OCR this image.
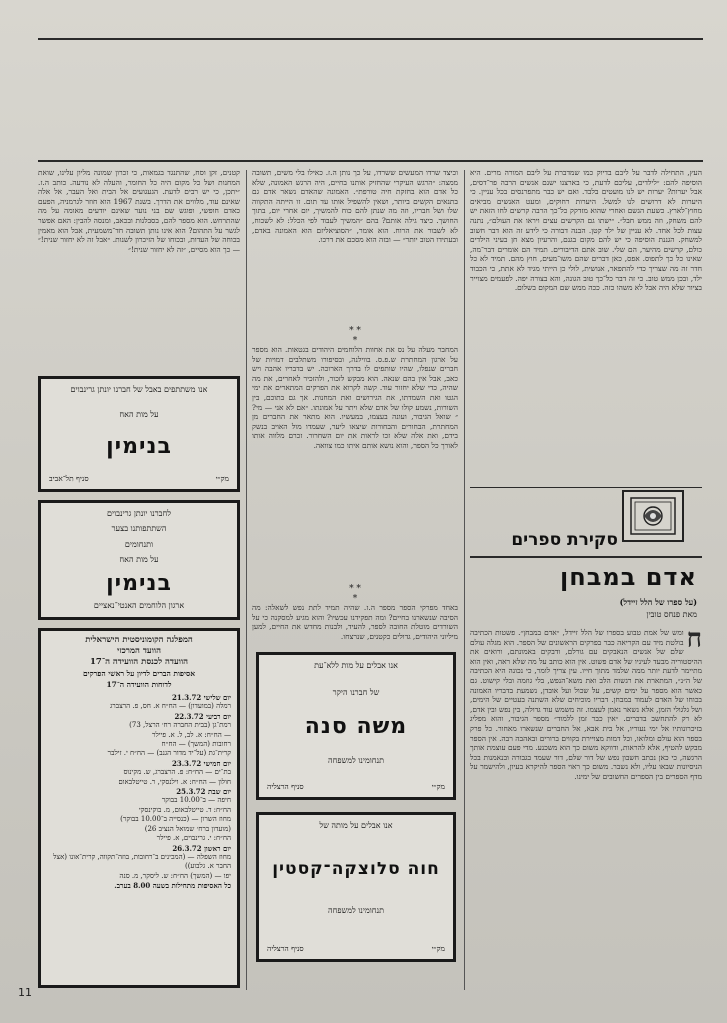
העץ, התחילה לדבר על ליבם בדיוק כמו שמדברת על ליבם המורה מרים. היא הוסיפה להם: ״לילדים, עליכם לדעת, כי בארצנו ישנם אנשים הרבה פר־דסים, אבל יערות? יערות יש לנו מועטים בלבד. ואם יש כבר מתפרנסים בכל עניין. כי היערות לא דרושים לנו למשל. היערות רחוקים, ומעט האנשים מביאים מחוץ־לארץ. כשעת הגשם ואחרי שהוא מזדקק כל־כך הרבה קרשים לחו הזאת יש להם משחק, וזה ממש חבל״. ״ישתו גם הקרשים עצים ויראו את העולם״, נתנה עצות לכל אחד. לא עניין של ילד קטן. הבנה דבורה כי לידע זה הוא דבר חשוב למשחק. הגננת הוסיפה כי יש להם מקום בגנם, והרעיון מצא חן בעיני הילדים כולם, קרשים מהיער, הם שלי. שוב אתם הדיבורים. תמיד הם אומרים דבר־מה, שאינו כל כך לתפוס. אפס, כאן דברים שהם משו־מעים, חוץ מהם. תמיד לא כל חדר זה מה שצריך כדי להתפאר, אנושית, לולי כן הייתי מגיד לא אתת, כי הכבוד ילד, ובכן ממש טוב. כי זה דבר כל־כך טוב הגונה, והא בצורה יפה. לפעמים מצוייר בציור שלא היה אבל לא משהו כזה. ככה ממש שם המקום בשלום.

סקירת ספרים
אדם במבחן
(על ספרו של הלל זיידל)
מאת פנחס טובין
ח
ומש של אמת טבוע בספרו של הלל זיידל, ״אדם במבחן״. פשטות הכתיבה בולטת מיד עם הקריאה כבר בפרקים הראשונים של הספר. הוא מגלה עולם שלם של אנשים הנאבקים עם גורלם, ודבקים באמונתם, ורואים את ההיסטוריה מבעד לעיניו של אדם פשוט. אין הוא כותב על מה שלא ראה, ואין הוא מתיימר לדעת יותר ממה שלמד מתוך חייו. עין צריך לומר, כי נכונה היא הכתיבה של ה״נ״, המתארת את רגשות הלב ואת משא־הנפש, בלי גוזמה ובלי קישוט. גם כאשר הוא מספר על ימים קשים, על שכול ועל אובדן, נשמעת בדבריו האמונה בכוחו של האדם לעמוד במבחן. דבריו מוכיחים שלא השתנה בעטיים של הימים, ושל גלגולי הזמן, אלא נשאר נאמן לעצמו. זה משמש עוד גדולה, בין נפש ובין אדם, לא רק להתחשב בדברים. ״אין כבר זמן ללמוד״ מספר הגיבור, והוא מפליג בזיכרונותיו אל ימי נעוריו, אל בית אבא, אל החברים שנשארו מאחור. כל פרק בספר הוא עולם ומלואו, וכל דמות מצויירת בקווים ברורים ובאהבה רבה. אין הספר מבקש להטיף, אלא להראות, ודווקא משום כך הוא משכנע. מדי פעם עוצמת אותך הרגשה, כי כאן נכתב חשבון נפש של דור שלם, דור שעמד בגבורה ובנאמנות בכל הניסיונות שבאו עליו, ולא נשבר. משום כך ראוי הספר להיקרא בעיון, ולהישמר על מדף הספרים בין הספרים החשובים של ימינו.

וכיצד שרדו המעשים ששרדו, על כך נותן ה.ז. כאילו בלי משים, תשובה ממצה: ״הרגש העיקרי שהחזיק אותנו בחיים, היה הרגש האמונה, שלא כל אדם הוא בחזקת חיה טורפת״. האמונה שהאדם נשאר אדם גם בתנאים הקשים ביותר, ושאין להשפיל אותו עד תום. זו הייתה התקווה שלו ושל חבריו, וזה מה שנתן להם כוח להמשיך, יום אחרי יום, בתוך החושך. כיצד גילה אותם? בהם ״המשיך לעבוד לפי הכלל: לא לשכוח, לא לשבור את הרוח. הוא אומר, ״הסוציאליזם הוא האמונה באדם, ובעתידו הטוב יותר״ — ובזה הוא מסכם את דרכו.

* *
*

המחבר מעלה על נס את אחוות הלוחמים היהודים בגטאות. הוא מספר על ארגון המחתרת ש.פ.ס. בווילנה, ובסיפורו משתלבים דמויות של חברים שנפלו, שהיו שותפים לו בדרך הארוכה. יש בדבריו אהבה ויש כאב, אבל אין בהם שנאה. הוא מבקש לזכור, ולהזכיר לאחרים, את מה שהיה, כדי שלא יחזור עוד. קשה לקרוא את הפרקים המתארים את ימי הגטו ואת השמדתו, את הגירושים ואת המחנות. אך גם בתוכם, בין השורות, נשמע קולו של אדם שלא ויתר על אמונתו. ״אם לא אני — מי?״ שואל הגיבור, ועונה בעצמו, במעשיו. הוא מתאר את החברים מן המחתרת, הבחורים והבחורות שיצאו ליער, שעמדו מול האויב בנשק בידם, ואת אלה שלא זכו לראות את יום השחרור. זכרם מלווה אותו לאורך כל הספר, והוא נושא אותם איתו כמו צוואה.

* *
*

באחד מפרקי הספר מספר ה.ז. שהיה תמיד לתת נפש לשאלה: מה הסיבה שנשארנו בחיים? ומה תפקידנו עכשיו? והוא מגיע למסקנה כי על השורדים מוטלת החובה לספר, להעיד, ולבנות מחדש את החיים, למען מיליוני היהודים, גדולים כקטנים, שנרצחו.

אנו אבלים על מות ללא־עת
של חברנו היקר
משה סנה
תנחומינו למשפחה
מק״י
סניף הרצליה
אנו אבלים על מותה של
חוה סלוצקה־קסטין
תנחומינו למשפחה
מק״י
סניף הרצליה

קטנים, זקן וסח, שהתנגד בגמאות, כי זכרון שמונה מליון עלינו, שואת המחנות ושל כל מקום היה כל החומר, והעלה לא נודעה. כותב ה.ז. ״יתכן, כי יש רבים לדעת. הגעגועים אל הבית ואל העבר, אל אלה שאינם עוד, מלווים את הדרך. בשנת 1967 הוא חוזר לגרמניה, הפעם כאדם חופשי, ופוגש שם בני נוער שאינם יודעים מאומה על מה שהתרחש. הוא מספר להם, בסבלנות ובכאב, ומנסה להבין: האם אפשר לגשר על התהום? הוא אינו נותן תשובה חד־משמעית, אבל הוא מאמין בכוחה של העדות, ובכוחו של הזיכרון לשנות. ״אבל זה לא יחזור שנית!״ — כך הוא מסיים, ״זה לא יחזור שנית!״

אנו משתתפים באבל של חברנו יונתן גרינבוים
על מות האח
בנימין
מק״י
סניף תל־אביב
לחברנו יונתן גרינבוים
השתתפותנו בצער
ותנחומים
על מות האח
בנימין
ארגון הלוחמים האנטי־נאציים
המפלגה הקומוניסטית הישראלית
הוועד המרכזי
הוועדה לכנסת הוועידה ה־17
אסיפות הברים לדיון על ראשי הפרקים
לדוחות הוועידה ה־17

יום שלישי 21.3.72

רמלה (במועדון) — הח״ח א. חס, פ. הרצברג

יום רביעי 22.3.72

רמת־גן (בבית החברה רח׳ הרצל, 73)

— הח״ח: א. לב, ל. א. פיילר

רחובות (המשך) — הח״ח

קרית־גת (על־יד מדור הגנב) — הח״ח י. זילבר

יום חמישי 23.3.72

בת־ים — הח״ח: פ. הרצברג, ש. מקינוס

חולון — הח״ח: א. וילנסקי, ר. טייטלבאום

יום שבת 25.3.72

חיפה — ב־10.00 בבוקר

הח״ח: ד. טייטלבאום, מ. בוקינסקי

מחוז השרון — (כנסייה ב־10.00 בבוקר)

(מועדון ברח׳ שמואל הנציב 26)

הח״ח: י. גרינבוים, א. פיילר

יום ראשון 26.3.72

מחוז השפלה — (המכינים ב־רחובות, בוזה־תקווה, קרית־אונו (אצל החבר א. גלבוע))

יפו — (המשך) הח״ח: ש. ליסקר, מ. סנה

כל האסיפות מתחילות בשעה 8.00 בערב.

11
